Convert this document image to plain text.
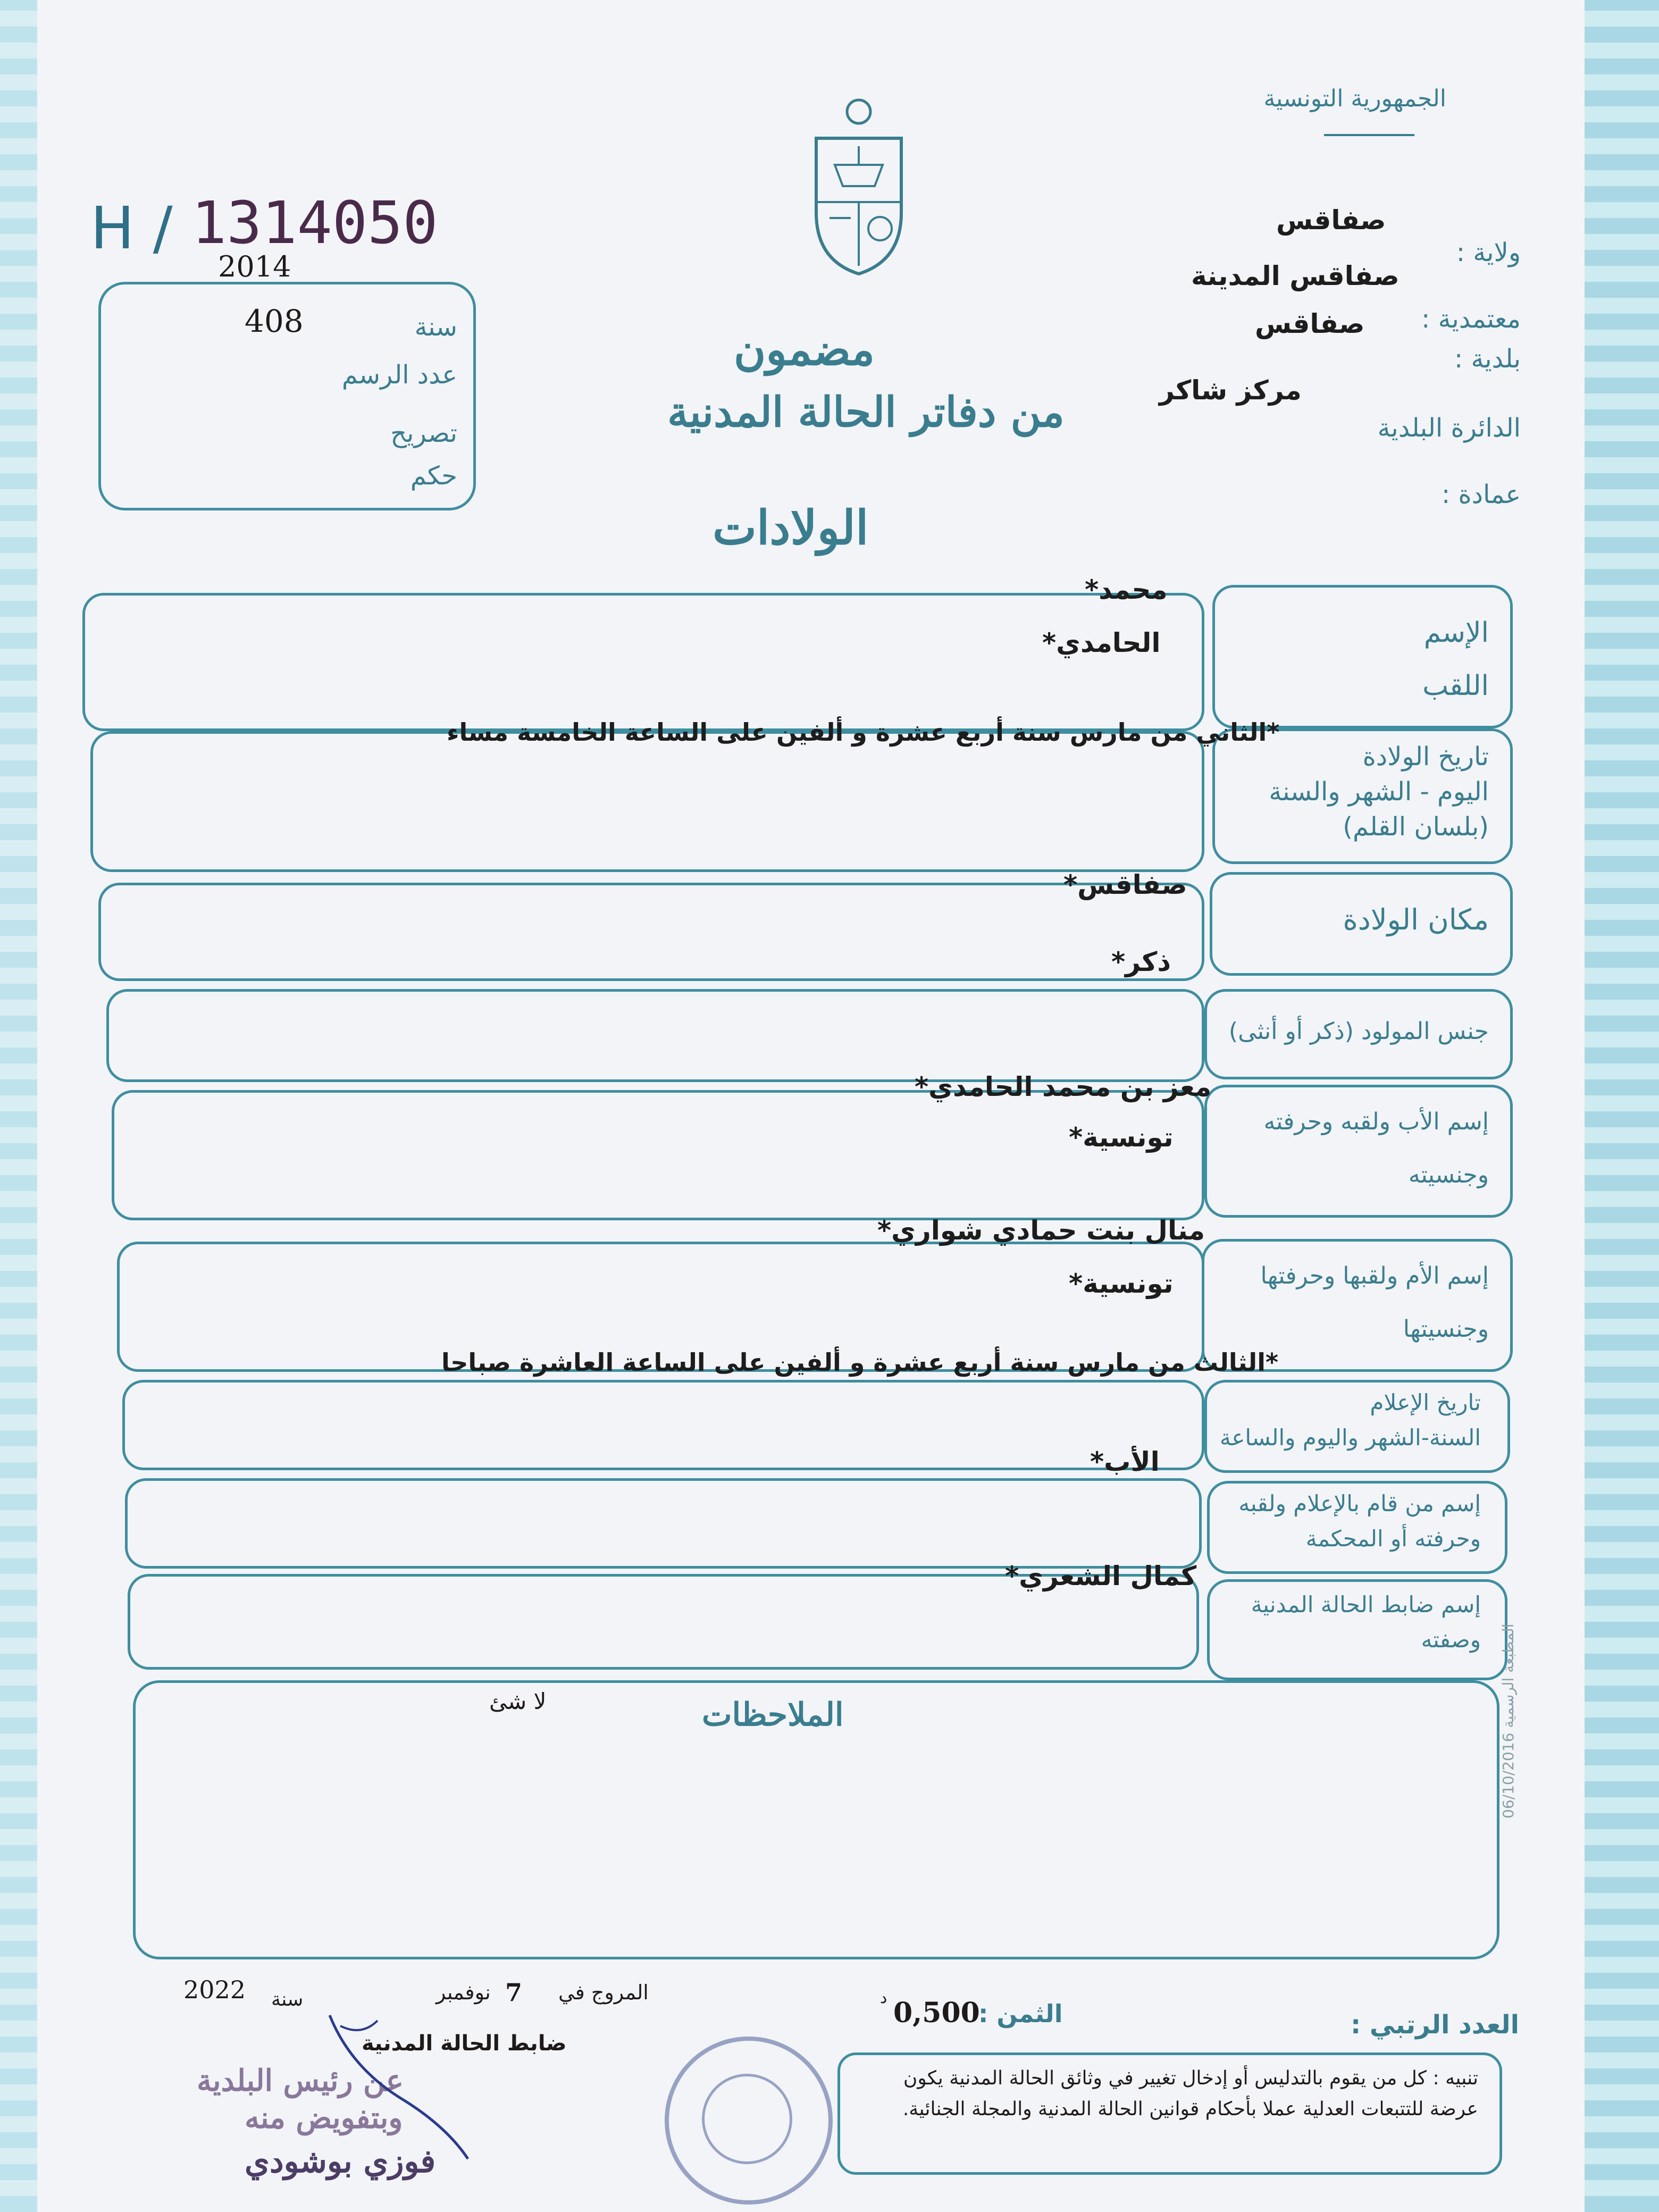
الجمهورية التونسية
H / 1314050
2014
408	سنة
عدد الرسم
تصريح
حكم
مضمون
من دفاتر الحالة المدنية
الولادات
ولاية :
صفاقس
معتمدية :
صفاقس المدينة
بلدية :
صفاقس
الدائرة البلدية
مركز شاكر
عمادة :
الإسم
اللقب
محمد*
الحامدي*
تاريخ الولادة
اليوم - الشهر والسنة
(بلسان القلم)
*الثاني من مارس سنة أربع عشرة و ألفين على الساعة الخامسة مساء
مكان الولادة
صفاقس*
جنس المولود (ذكر أو أنثى)
ذكر*
إسم الأب ولقبه وحرفته
وجنسيته
معز بن محمد الحامدي*
تونسية*
إسم الأم ولقبها وحرفتها
وجنسيتها
منال بنت حمادي شواري*
تونسية*
تاريخ الإعلام
السنة-الشهر واليوم والساعة
*الثالث من مارس سنة أربع عشرة و ألفين على الساعة العاشرة صباحا
إسم من قام بالإعلام ولقبه
وحرفته أو المحكمة
الأب*
إسم ضابط الحالة المدنية
وصفته
كمال الشعري*
الملاحظات
لا شئ
المطبعة الرسمية 06/10/2016
العدد الرتبي :
الثمن :
0,500
د
المروج في
7
نوفمبر
سنة
2022
ضابط الحالة المدنية
عن رئيس البلدية
وبتفويض منه
فوزي بوشودي
تنبيه : كل من يقوم بالتدليس أو إدخال تغيير في وثائق الحالة المدنية يكون عرضة للتتبعات العدلية عملا بأحكام قوانين الحالة المدنية والمجلة الجنائية.
